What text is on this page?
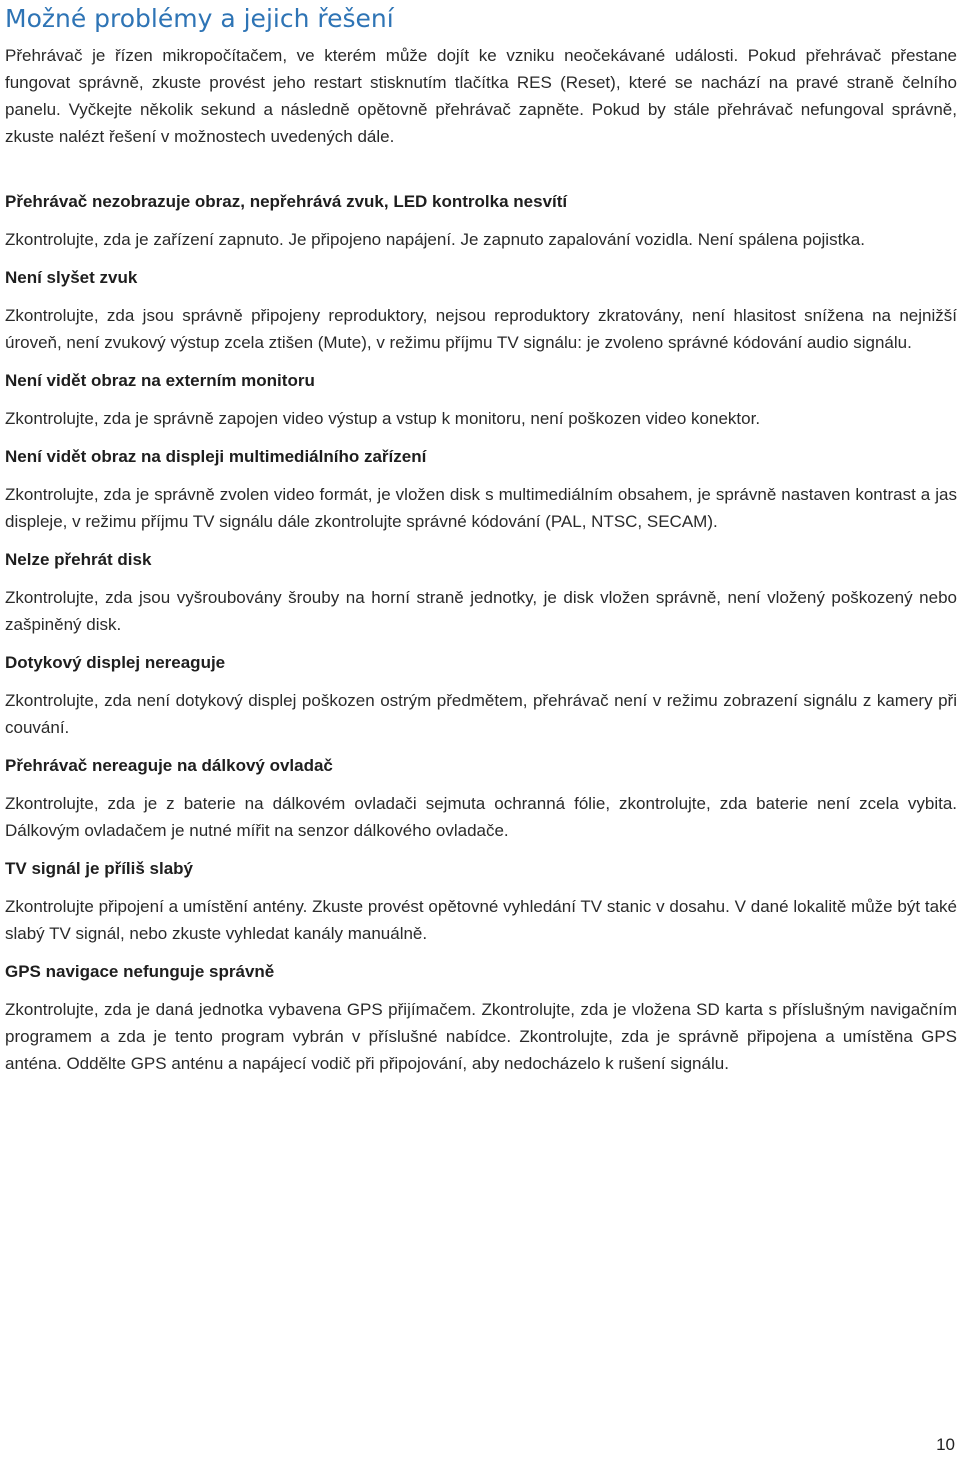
Možné problémy a jejich řešení

Přehrávač je řízen mikropočítačem, ve kterém může dojít ke vzniku neočekávané události. Pokud přehrávač přestane fungovat správně, zkuste provést jeho restart stisknutím tlačítka RES (Reset), které se nachází na pravé straně čelního panelu. Vyčkejte několik sekund a následně opětovně přehrávač zapněte. Pokud by stále přehrávač nefungoval správně, zkuste nalézt řešení v možnostech uvedených dále.

Přehrávač nezobrazuje obraz, nepřehrává zvuk, LED kontrolka nesvítí

Zkontrolujte, zda je zařízení zapnuto. Je připojeno napájení. Je zapnuto zapalování vozidla. Není spálena pojistka.

Není slyšet zvuk

Zkontrolujte, zda jsou správně připojeny reproduktory, nejsou reproduktory zkratovány, není hlasitost snížena na nejnižší úroveň, není zvukový výstup zcela ztišen (Mute), v režimu příjmu TV signálu: je zvoleno správné kódování audio signálu.

Není vidět obraz na externím monitoru

Zkontrolujte, zda je správně zapojen video výstup a vstup k monitoru, není poškozen video konektor.

Není vidět obraz na displeji multimediálního zařízení

Zkontrolujte, zda je správně zvolen video formát, je vložen disk s multimediálním obsahem, je správně nastaven kontrast a jas displeje, v režimu příjmu TV signálu dále zkontrolujte správné kódování (PAL, NTSC, SECAM).

Nelze přehrát disk

Zkontrolujte, zda jsou vyšroubovány šrouby na horní straně jednotky, je disk vložen správně, není vložený poškozený nebo zašpiněný disk.

Dotykový displej nereaguje

Zkontrolujte, zda není dotykový displej poškozen ostrým předmětem, přehrávač není v režimu zobrazení signálu z kamery při couvání.

Přehrávač nereaguje na dálkový ovladač

Zkontrolujte, zda je z baterie na dálkovém ovladači sejmuta ochranná fólie, zkontrolujte, zda baterie není zcela vybita. Dálkovým ovladačem je nutné mířit na senzor dálkového ovladače.

TV signál je příliš slabý

Zkontrolujte připojení a umístění antény. Zkuste provést opětovné vyhledání TV stanic v dosahu. V dané lokalitě může být také slabý TV signál, nebo zkuste vyhledat kanály manuálně.

GPS navigace nefunguje správně

Zkontrolujte, zda je daná jednotka vybavena GPS přijímačem. Zkontrolujte, zda je vložena SD karta s příslušným navigačním programem a zda je tento program vybrán v příslušné nabídce. Zkontrolujte, zda je správně připojena a umístěna GPS anténa. Oddělte GPS anténu a napájecí vodič při připojování, aby nedocházelo k rušení signálu.

10
